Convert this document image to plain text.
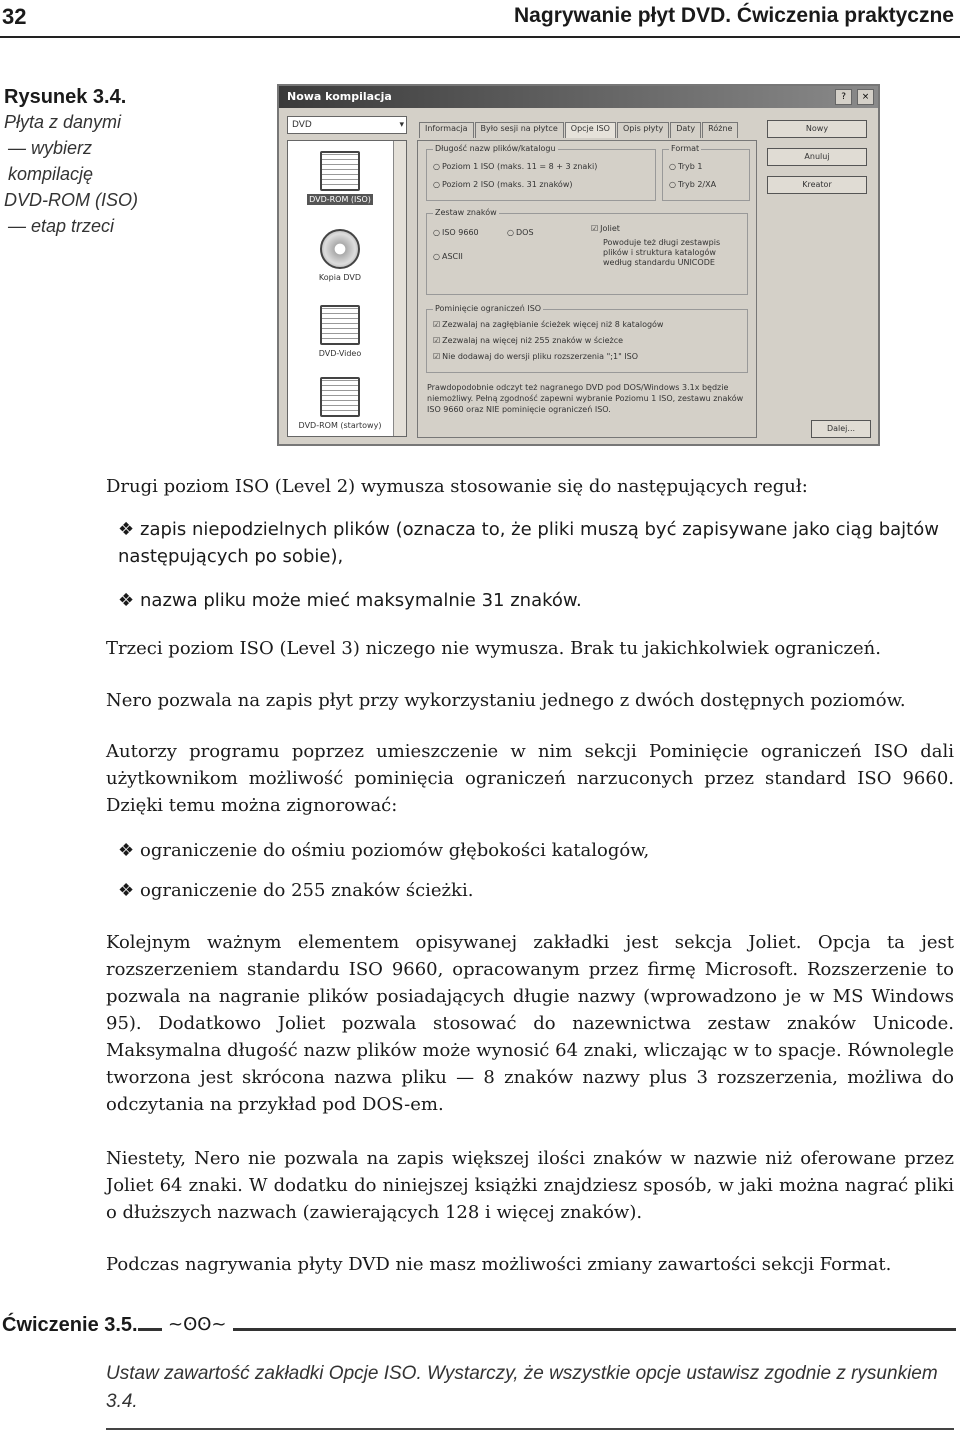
32	Nagrywanie płyt DVD. Ćwiczenia praktyczne
Rysunek 3.4.
Płyta z danymi
— wybierz kompilację
DVD-ROM (ISO)
— etap trzeci
Nowa kompilacja	? ×
DVD ▾
DVD-ROM (ISO)
Kopia DVD
DVD-Video
DVD-ROM (startowy)
Informacja	Było sesji na płytce	Opcje ISO	Opis płyty	Daty	Różne
Długość nazw plików/katalogu
○ Poziom 1 ISO (maks. 11 = 8 + 3 znaki)
○ Poziom 2 ISO (maks. 31 znaków)
Format
○ Tryb 1
○ Tryb 2/XA
Zestaw znaków
○ ISO 9660
○	DOS
○ ASCII
☑ Joliet
Powoduje też długi zestawpis plików i struktura katalogów według standardu UNICODE
Pominięcie ograniczeń ISO
☑ Zezwalaj na zagłębianie ścieżek więcej niż 8 katalogów
☑ Zezwalaj na więcej niż 255 znaków w ścieżce
☑ Nie dodawaj do wersji pliku rozszerzenia ";1" ISO
Prawdopodobnie odczyt też nagranego DVD pod DOS/Windows 3.1x będzie niemożliwy. Pełną zgodność zapewni wybranie Poziomu 1 ISO, zestawu znaków ISO 9660 oraz NIE pominięcie ograniczeń ISO.
Nowy
Anuluj
Kreator
Dalej...
Drugi poziom ISO (Level 2) wymusza stosowanie się do następujących reguł:
❖ zapis niepodzielnych plików (oznacza to, że pliki muszą być zapisywane jako ciąg bajtów następujących po sobie),
❖ nazwa pliku może mieć maksymalnie 31 znaków.
Trzeci poziom ISO (Level 3) niczego nie wymusza. Brak tu jakichkolwiek ograniczeń.
Nero pozwala na zapis płyt przy wykorzystaniu jednego z dwóch dostępnych poziomów.
Autorzy programu poprzez umieszczenie w nim sekcji Pominięcie ograniczeń ISO dali użytkownikom możliwość pominięcia ograniczeń narzuconych przez standard ISO 9660. Dzięki temu można zignorować:
❖ ograniczenie do ośmiu poziomów głębokości katalogów,
❖ ograniczenie do 255 znaków ścieżki.
Kolejnym ważnym elementem opisywanej zakładki jest sekcja Joliet. Opcja ta jest rozszerzeniem standardu ISO 9660, opracowanym przez firmę Microsoft. Rozszerzenie to pozwala na nagranie plików posiadających długie nazwy (wprowadzono je w MS Windows 95). Dodatkowo Joliet pozwala stosować do nazewnictwa zestaw znaków Unicode. Maksymalna długość nazw plików może wynosić 64 znaki, wliczając w to spacje. Równolegle tworzona jest skrócona nazwa pliku — 8 znaków nazwy plus 3 rozszerzenia, możliwa do odczytania na przykład pod DOS-em.
Niestety, Nero nie pozwala na zapis większej ilości znaków w nazwie niż oferowane przez Joliet 64 znaki. W dodatku do niniejszej książki znajdziesz sposób, w jaki można nagrać pliki o dłuższych nazwach (zawierających 128 i więcej znaków).
Podczas nagrywania płyty DVD nie masz możliwości zmiany zawartości sekcji Format.
Ćwiczenie 3.5.	~ʘʘ~
Ustaw zawartość zakładki Opcje ISO. Wystarczy, że wszystkie opcje ustawisz zgodnie z rysunkiem 3.4.
